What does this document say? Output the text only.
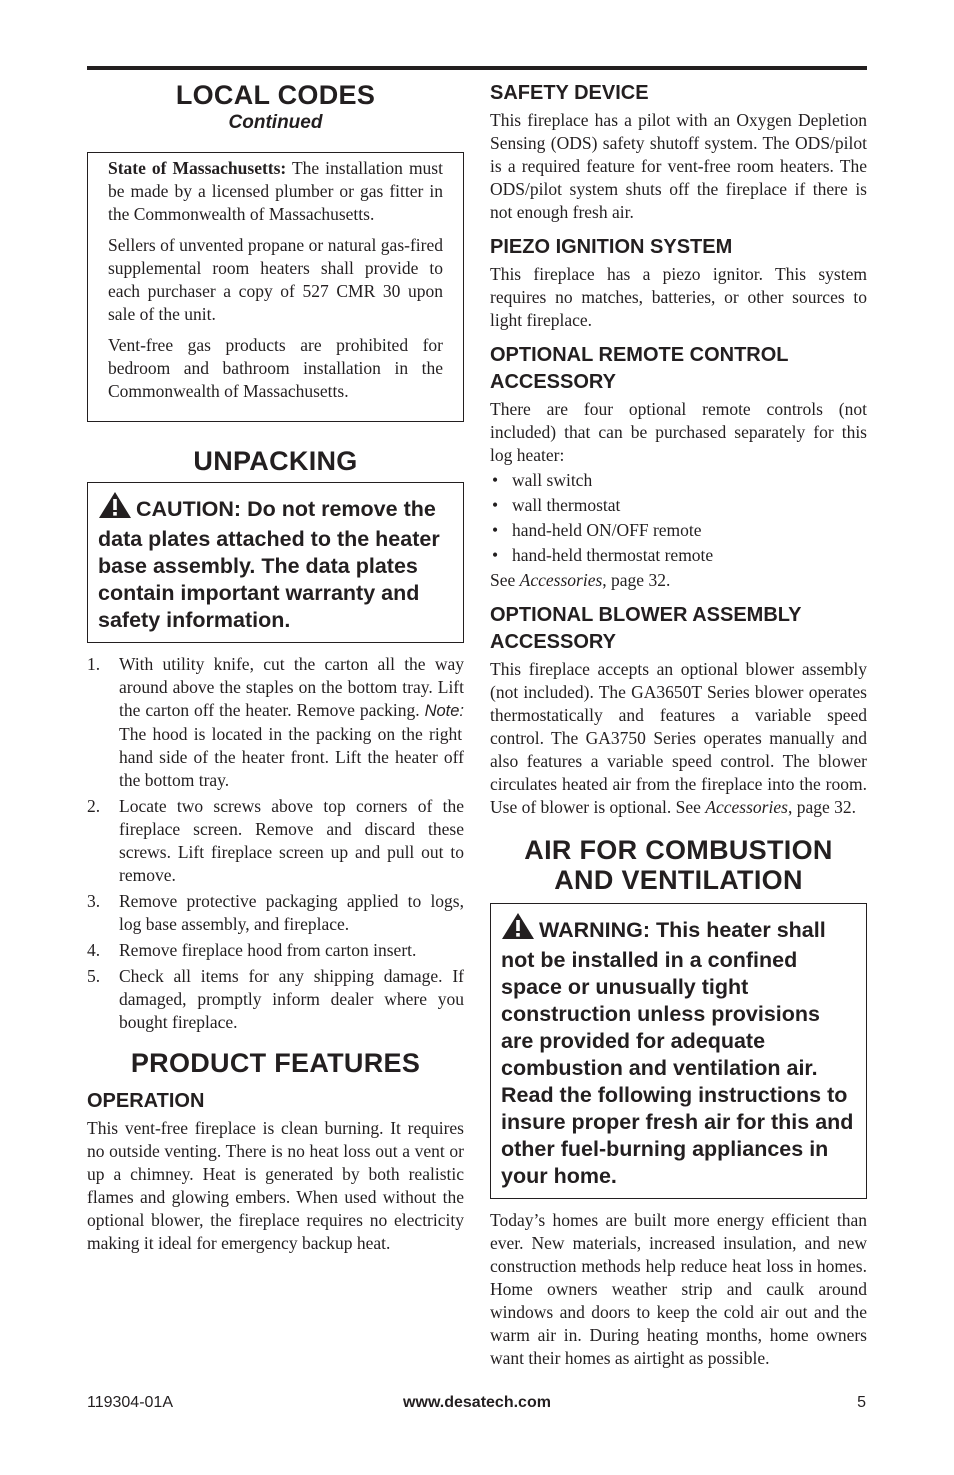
LOCAL CODES

Continued

State of Massachusetts: The installation must be made by a licensed plumber or gas fitter in the Commonwealth of Massachusetts.

Sellers of unvented propane or natural gas-fired supplemental room heaters shall provide to each purchaser a copy of 527 CMR 30 upon sale of the unit.

Vent-free gas products are prohibited for bedroom and bathroom installation in the Commonwealth of Massachusetts.

UNPACKING
CAUTION: Do not remove the data plates attached to the heater base assembly. The data plates contain important warranty and safety information.
1. With utility knife, cut the carton all the way around above the staples on the bottom tray. Lift the carton off the heater. Remove packing. Note: The hood is located in the packing on the right hand side of the heater front. Lift the heater off the bottom tray.
2. Locate two screws above top corners of the fireplace screen. Remove and discard these screws. Lift fireplace screen up and pull out to remove.
3. Remove protective packaging applied to logs, log base assembly, and fireplace.
4. Remove fireplace hood from carton insert.
5. Check all items for any shipping damage. If damaged, promptly inform dealer where you bought fireplace.
PRODUCT FEATURES
OPERATION

This vent-free fireplace is clean burning. It requires no outside venting. There is no heat loss out a vent or up a chimney. Heat is generated by both realistic flames and glowing embers. When used without the optional blower, the fireplace requires no electricity making it ideal for emergency backup heat.

SAFETY DEVICE

This fireplace has a pilot with an Oxygen Depletion Sensing (ODS) safety shutoff system. The ODS/pilot is a required feature for vent-free room heaters. The ODS/pilot system shuts off the fireplace if there is not enough fresh air.

PIEZO IGNITION SYSTEM

This fireplace has a piezo ignitor. This system requires no matches, batteries, or other sources to light fireplace.

OPTIONAL REMOTE CONTROL ACCESSORY

There are four optional remote controls (not included) that can be purchased separately for this log heater:

• wall switch
• wall thermostat
• hand-held ON/OFF remote
• hand-held thermostat remote

See Accessories, page 32.

OPTIONAL BLOWER ASSEMBLY ACCESSORY

This fireplace accepts an optional blower assembly (not included). The GA3650T Series blower operates thermostatically and features a variable speed control. The GA3750 Series operates manually and also features a variable speed control. The blower circulates heated air from the fireplace into the room. Use of blower is optional. See Accessories, page 32.

AIR FOR COMBUSTION
AND VENTILATION
WARNING: This heater shall not be installed in a confined space or unusually tight construction unless provisions are provided for adequate combustion and ventilation air. Read the following instructions to insure proper fresh air for this and other fuel-burning appliances in your home.

Today’s homes are built more energy efficient than ever. New materials, increased insulation, and new construction methods help reduce heat loss in homes. Home owners weather strip and caulk around windows and doors to keep the cold air out and the warm air in. During heating months, home owners want their homes as airtight as possible.

119304-01A	www.desatech.com	5
